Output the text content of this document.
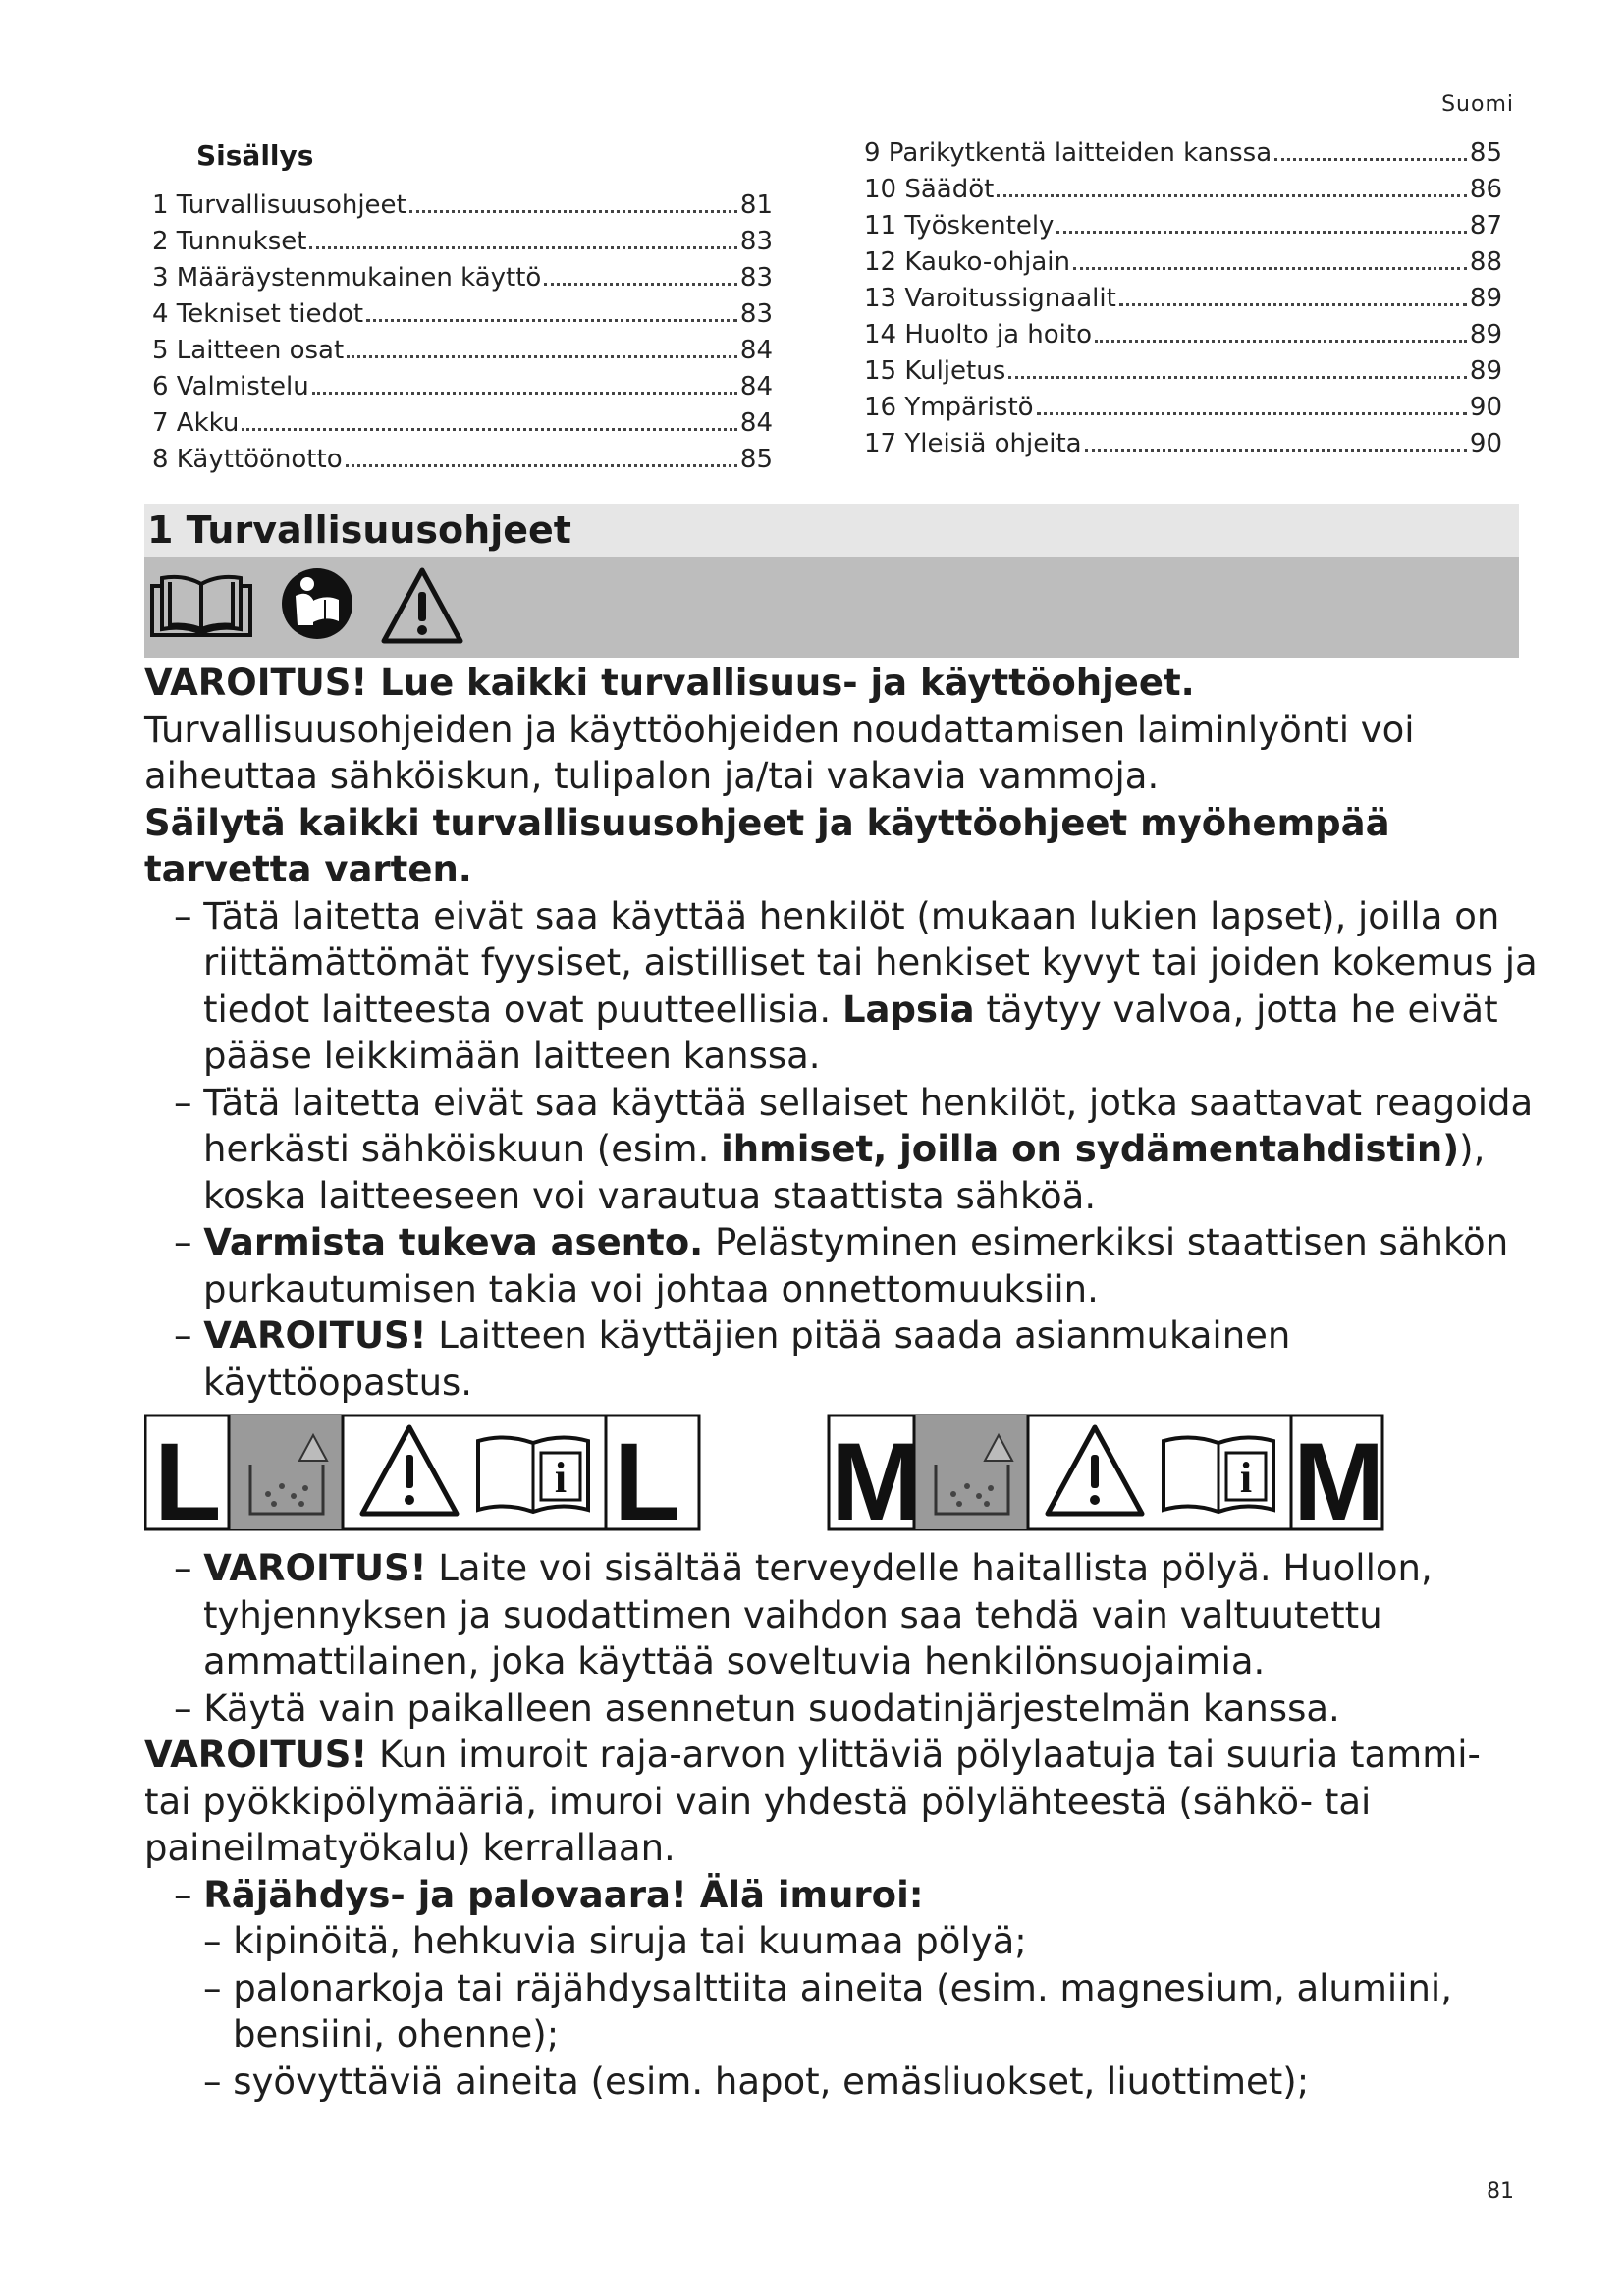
Suomi
Sisällys
1 Turvallisuusohjeet	81
2 Tunnukset	83
3 Määräystenmukainen käyttö	83
4 Tekniset tiedot	83
5 Laitteen osat	84
6 Valmistelu	84
7 Akku	84
8 Käyttöönotto	85
9 Parikytkentä laitteiden kanssa	85
10 Säädöt	86
11 Työskentely	87
12 Kauko-ohjain	88
13 Varoitussignaalit	89
14 Huolto ja hoito	89
15 Kuljetus	89
16 Ympäristö	90
17 Yleisiä ohjeita	90
1 Turvallisuusohjeet

VAROITUS! Lue kaikki turvallisuus- ja käyttöohjeet. Turvallisuusohjeiden ja käyttöohjeiden noudattamisen laiminlyönti voi aiheuttaa sähköiskun, tulipalon ja/tai vakavia vammoja.

Säilytä kaikki turvallisuusohjeet ja käyttöohjeet myöhempää tarvetta varten.

– Tätä laitetta eivät saa käyttää henkilöt (mukaan lukien lapset), joilla on riittämättömät fyysiset, aistilliset tai henkiset kyvyt tai joiden kokemus ja tiedot laitteesta ovat puutteellisia. Lapsia täytyy valvoa, jotta he eivät pääse leikkimään laitteen kanssa.

– Tätä laitetta eivät saa käyttää sellaiset henkilöt, jotka saattavat reagoida herkästi sähköiskuun (esim. ihmiset, joilla on sydämentahdistin)), koska laitteeseen voi varautua staattista sähköä.

– Varmista tukeva asento. Pelästyminen esimerkiksi staattisen sähkön purkautumisen takia voi johtaa onnettomuuksiin.

– VAROITUS! Laitteen käyttäjien pitää saada asianmukainen käyttöopastus.

L	i L M	i M

– VAROITUS! Laite voi sisältää terveydelle haitallista pölyä. Huollon, tyhjennyksen ja suodattimen vaihdon saa tehdä vain valtuutettu ammattilainen, joka käyttää soveltuvia henkilönsuojaimia.

– Käytä vain paikalleen asennetun suodatinjärjestelmän kanssa.

VAROITUS! Kun imuroit raja-arvon ylittäviä pölylaatuja tai suuria tammi- tai pyökkipölymääriä, imuroi vain yhdestä pölylähteestä (sähkö- tai paineilmatyökalu) kerrallaan.

– Räjähdys- ja palovaara! Älä imuroi:

– kipinöitä, hehkuvia siruja tai kuumaa pölyä;

– palonarkoja tai räjähdysalttiita aineita (esim. magnesium, alumiini, bensiini, ohenne);

– syövyttäviä aineita (esim. hapot, emäsliuokset, liuottimet);

81
